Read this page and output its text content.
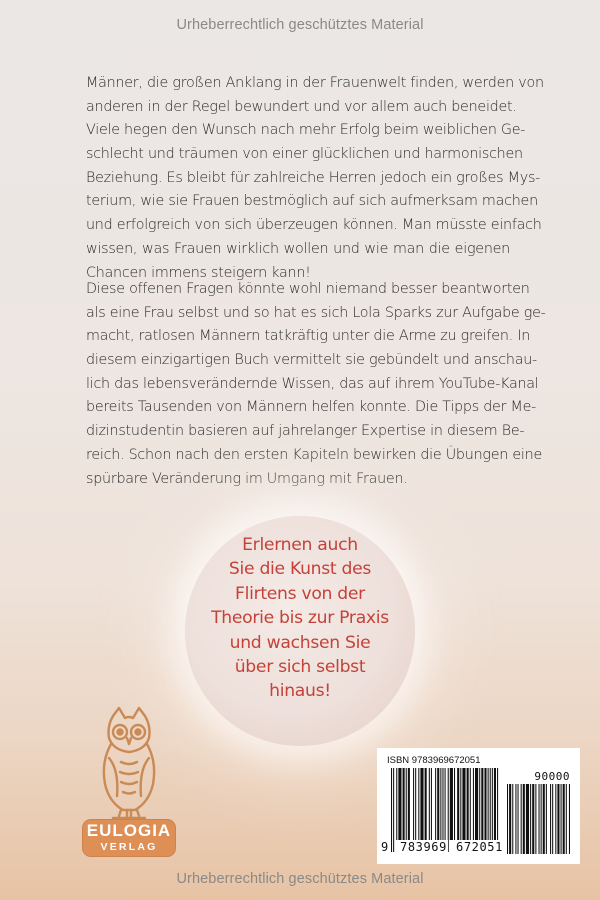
Urheberrechtlich geschütztes Material
Männer, die großen Anklang in der Frauenwelt finden, werden von
anderen in der Regel bewundert und vor allem auch beneidet.
Viele hegen den Wunsch nach mehr Erfolg beim weiblichen Ge-
schlecht und träumen von einer glücklichen und harmonischen
Beziehung. Es bleibt für zahlreiche Herren jedoch ein großes Mys-
terium, wie sie Frauen bestmöglich auf sich aufmerksam machen
und erfolgreich von sich überzeugen können. Man müsste einfach
wissen, was Frauen wirklich wollen und wie man die eigenen
Chancen immens steigern kann!
Diese offenen Fragen könnte wohl niemand besser beantworten
als eine Frau selbst und so hat es sich Lola Sparks zur Aufgabe ge-
macht, ratlosen Männern tatkräftig unter die Arme zu greifen. In
diesem einzigartigen Buch vermittelt sie gebündelt und anschau-
lich das lebensverändernde Wissen, das auf ihrem YouTube-Kanal
bereits Tausenden von Männern helfen konnte. Die Tipps der Me-
dizinstudentin basieren auf jahrelanger Expertise in diesem Be-
reich. Schon nach den ersten Kapiteln bewirken die Übungen eine
spürbare Veränderung im Umgang mit Frauen.
Erlernen auch
Sie die Kunst des
Flirtens von der
Theorie bis zur Praxis
und wachsen Sie
über sich selbst
hinaus!
EULOGIA
VERLAG
ISBN 9783969672051
90000
9 783969 672051
Urheberrechtlich geschütztes Material
